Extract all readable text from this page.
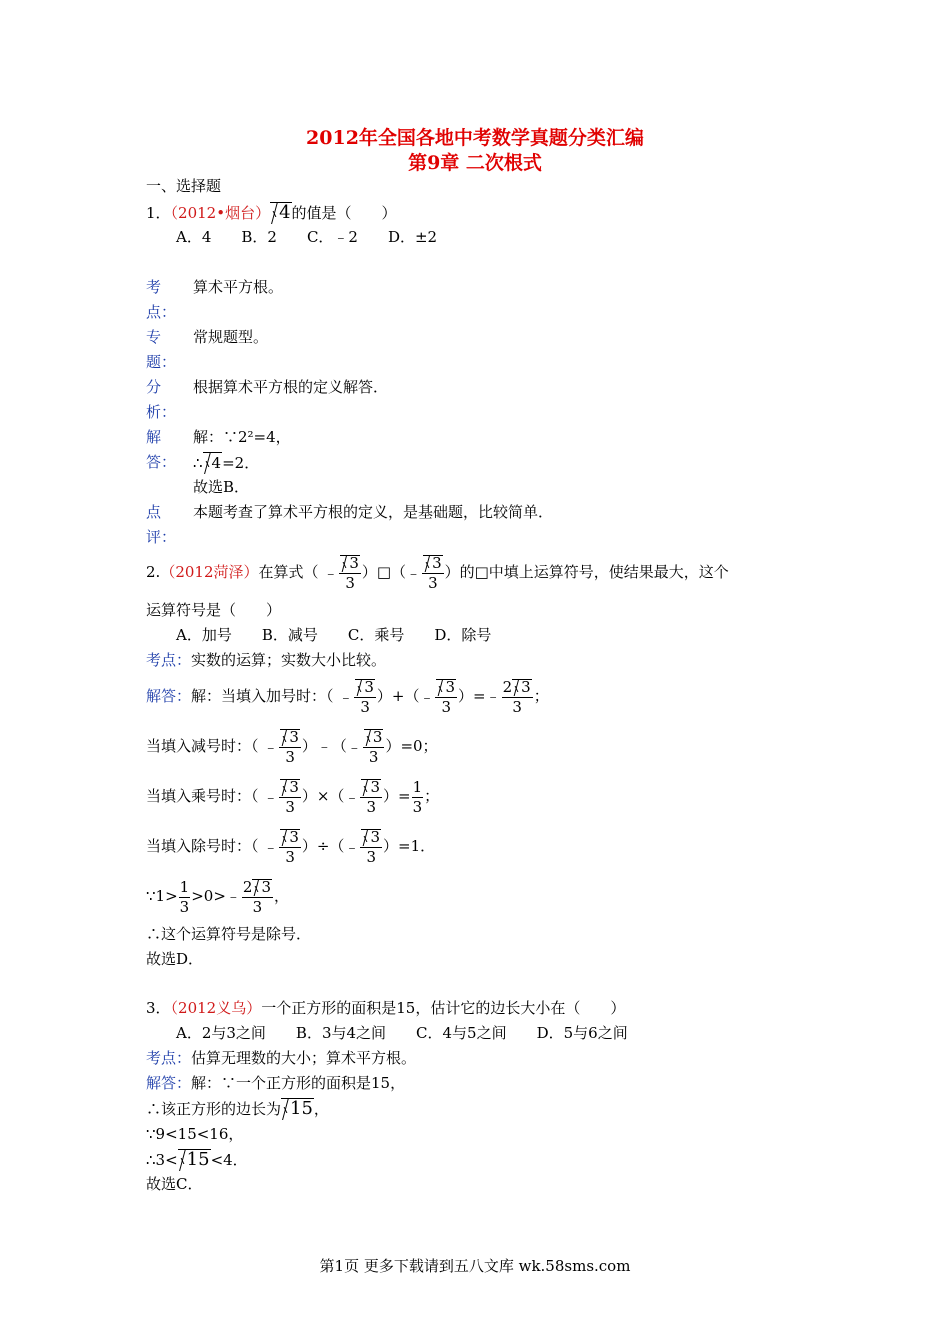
2012年全国各地中考数学真题分类汇编
第9章 二次根式
一、选择题
1．（2012•烟台） 4的值是（　　）
A．4　　B．2　　C．﹣2　　D．±2
考
点：
算术平方根。
专
题：
常规题型。
分
析：
根据算术平方根的定义解答．
解
答：
解：∵2²=4，
∴ 4=2．
故选B．
点
评：
本题考查了算术平方根的定义，是基础题，比较简单．
2.（2012菏泽）在算式（ ﹣ $\frac{3}{3}$ ）□（﹣ $\frac{3}{3}$ ）的□中填上运算符号，使结果最大，这个
运算符号是（　　）
A．加号　　B．减号　　C．乘号　　D．除号
考点：实数的运算；实数大小比较。
解答：解：当填入加号时：（ ﹣ $\frac{3}{3}$ ）+（﹣ $\frac{3}{3}$ ）=﹣ $\frac{2 3}{3}$ ；
当填入减号时：（ ﹣ $\frac{3}{3}$ ）﹣（﹣ $\frac{3}{3} )=0$；
当填入乘号时：（ ﹣ $\frac{3}{3}$ ）×（﹣ $\frac{3}{3}$ ）= $\frac{1}{3}$ ；
当填入除号时：（ ﹣ $\frac{3}{3}$ ）÷（﹣ $\frac{3}{3} )=1$．
∵1> $\frac{1}{3}$ >0>﹣ $\frac{2 3}{3}$ ，
∴这个运算符号是除号．
故选D．
3．（2012义乌）一个正方形的面积是15，估计它的边长大小在（　　）
A．2与3之间　　B．3与4之间　　C．4与5之间　　D．5与6之间
考点：估算无理数的大小；算术平方根。
解答：解：∵一个正方形的面积是15，
∴该正方形的边长为 15，
∵9<15<16，
∴3< 15<4．
故选C．
第1页 更多下载请到五八文库 wk.58sms.com
